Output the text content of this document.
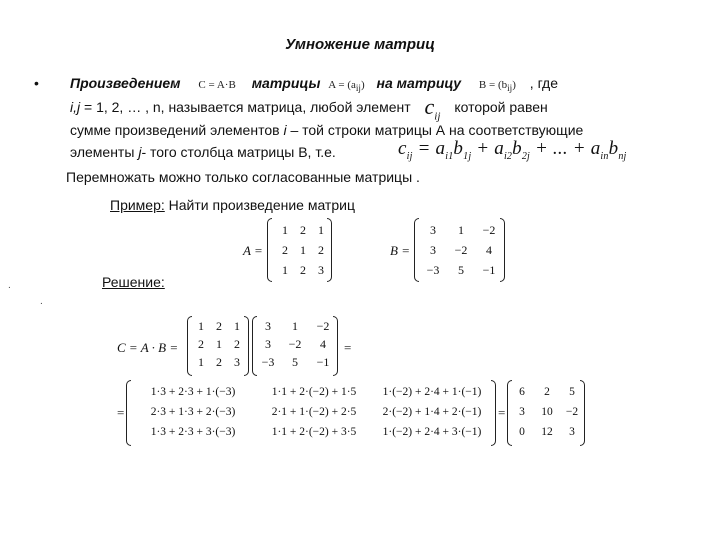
Умножение матриц
• Произведением C = A·B матрицы $A = (a_{ij})$ на матрицу $B = (b_{ij})$ , где
i,j = 1, 2, … , n, называется матрица, любой элемент $c_{ij}$ которой равен
сумме произведений элементов i – той строки матрицы А на соответствующие
элементы j- того столбца матрицы В, т.е.	$c_{ij} = a_{i1}b_{1j} + a_{i2}b_{2j}$ + ... + $a_{in}b_{nj}$
Перемножать можно только согласованные матрицы .
Пример: Найти произведение матриц
A =
1	2	1
2	1	2
1	2	3
B =
3	1	−2
3	−2	4
−3	5	−1
Решение:
.
.
C = A · B =
1	2	1
2	1	2
1	2	3
3	1	−2
3	−2	4
−3	5	−1
=
=
1·3 + 2·3 + 1·(−3)	1·1 + 2·(−2) + 1·5	1·(−2) + 2·4 + 1·(−1)
2·3 + 1·3 + 2·(−3)	2·1 + 1·(−2) + 2·5	2·(−2) + 1·4 + 2·(−1)
1·3 + 2·3 + 3·(−3)	1·1 + 2·(−2) + 3·5	1·(−2) + 2·4 + 3·(−1)
=
6	2	5
3	10	−2
0	12	3
